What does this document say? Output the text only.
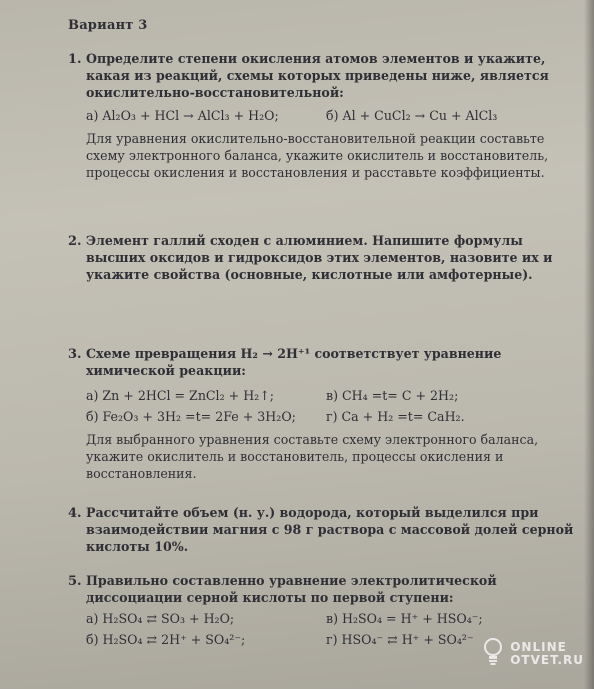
Вариант 3
1. Определите степени окисления атомов элементов и укажите, какая из реакций, схемы которых приведены ниже, является окислительно-восстановительной:
а) Al₂O₃ + HCl → AlCl₃ + H₂O;	б) Al + CuCl₂ → Cu + AlCl₃
Для уравнения окислительно-восстановительной реакции составьте схему электронного баланса, укажите окислитель и восстановитель, процессы окисления и восстановления и расставьте коэффициенты.
2. Элемент галлий сходен с алюминием. Напишите формулы высших оксидов и гидроксидов этих элементов, назовите их и укажите свойства (основные, кислотные или амфотерные).
3. Схеме превращения H₂ → 2H⁺¹ соответствует уравнение химической реакции:
а) Zn + 2HCl = ZnCl₂ + H₂↑;	в) CH₄ =t= C + 2H₂;
б) Fe₂O₃ + 3H₂ =t= 2Fe + 3H₂O;	г) Ca + H₂ =t= CaH₂.
Для выбранного уравнения составьте схему электронного баланса, укажите окислитель и восстановитель, процессы окисления и восстановления.
4. Рассчитайте объем (н. у.) водорода, который выделился при взаимодействии магния с 98 г раствора с массовой долей серной кислоты 10%.
5. Правильно составленно уравнение электролитической диссоциации серной кислоты по первой ступени:
а) H₂SO₄ ⇄ SO₃ + H₂O;	в) H₂SO₄ = H⁺ + HSO₄⁻;
б) H₂SO₄ ⇄ 2H⁺ + SO₄²⁻;	г) HSO₄⁻ ⇄ H⁺ + SO₄²⁻	ONLINE
OTVET.RU
